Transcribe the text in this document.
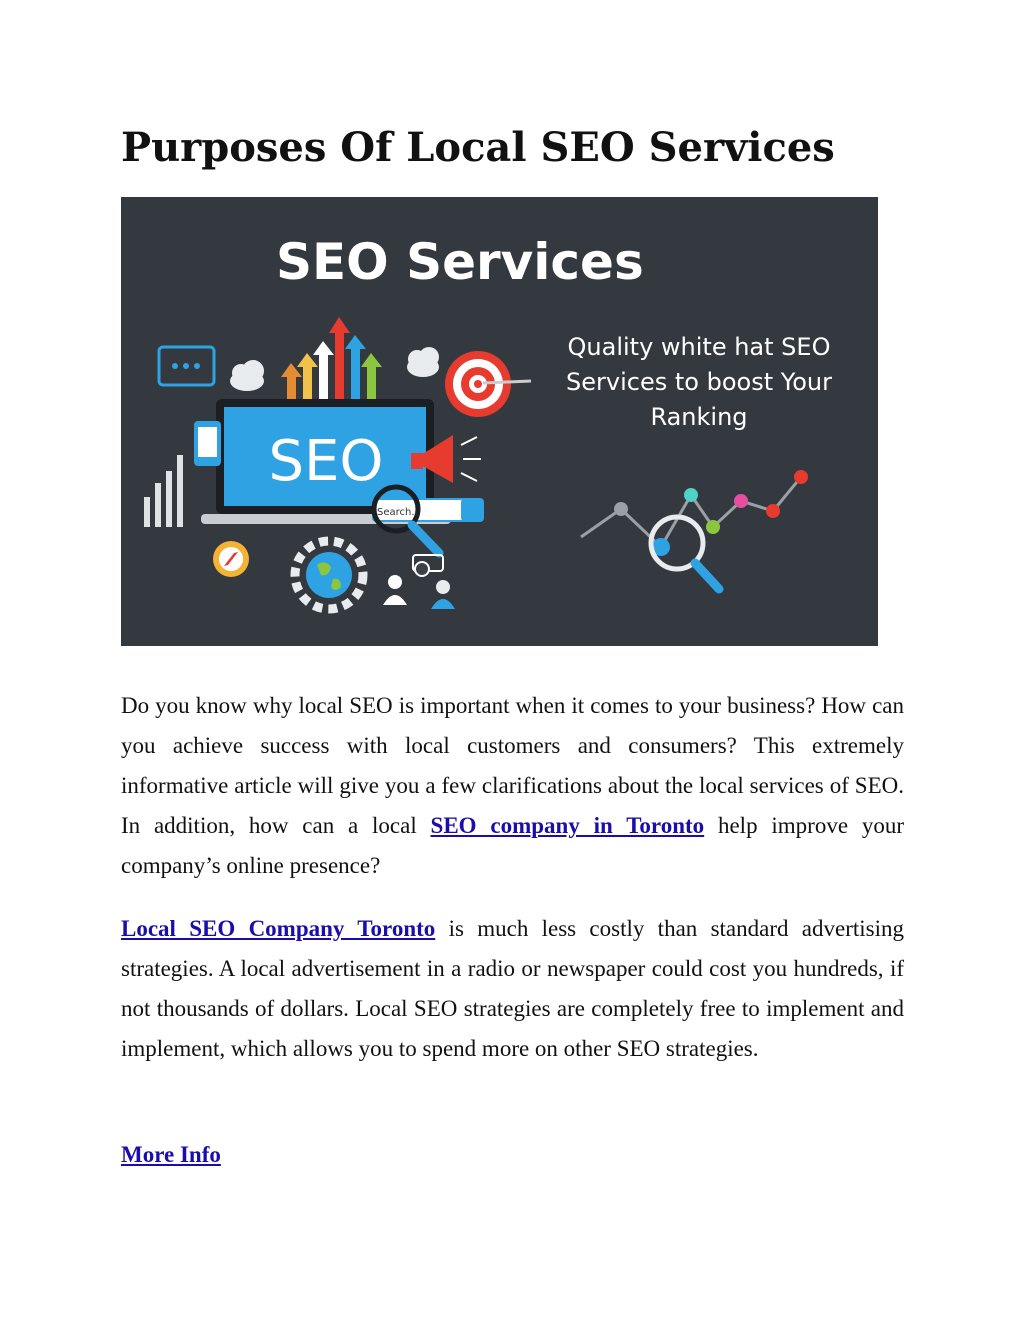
Purposes Of Local SEO Services
SEO Services
Quality white hat SEO
Services to boost Your
Ranking
SEO
Search...

Do you know why local SEO is important when it comes to your business? How can you achieve success with local customers and consumers? This extremely informative article will give you a few clarifications about the local services of SEO. In addition, how can a local SEO company in Toronto help improve your company’s online presence?

Local SEO Company Toronto is much less costly than standard advertising strategies. A local advertisement in a radio or newspaper could cost you hundreds, if not thousands of dollars. Local SEO strategies are completely free to implement and implement, which allows you to spend more on other SEO strategies.

More Info
